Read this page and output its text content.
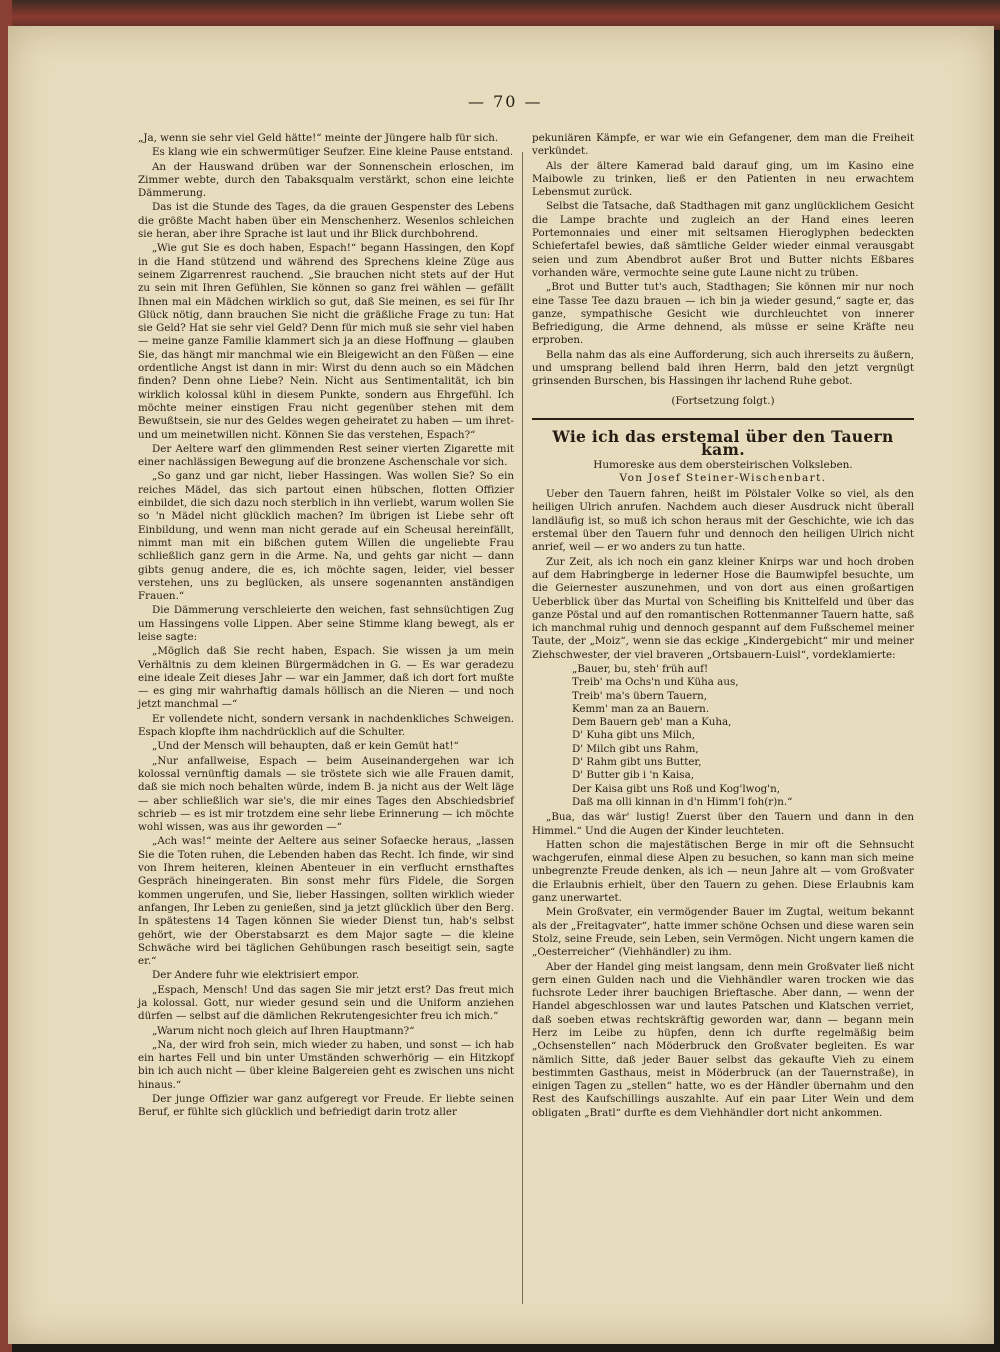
— 70 —

„Ja, wenn sie sehr viel Geld hätte!“ meinte der Jüngere halb für sich.

Es klang wie ein schwermütiger Seufzer. Eine kleine Pause entstand.

An der Hauswand drüben war der Sonnenschein erloschen, im Zimmer webte, durch den Tabaksqualm verstärkt, schon eine leichte Dämmerung.

Das ist die Stunde des Tages, da die grauen Gespenster des Lebens die größte Macht haben über ein Menschenherz. Wesenlos schleichen sie heran, aber ihre Sprache ist laut und ihr Blick durchbohrend.

„Wie gut Sie es doch haben, Espach!“ begann Hassingen, den Kopf in die Hand stützend und während des Sprechens kleine Züge aus seinem Zigarrenrest rauchend. „Sie brauchen nicht stets auf der Hut zu sein mit Ihren Gefühlen, Sie können so ganz frei wählen — gefällt Ihnen mal ein Mädchen wirklich so gut, daß Sie meinen, es sei für Ihr Glück nötig, dann brauchen Sie nicht die gräßliche Frage zu tun: Hat sie Geld? Hat sie sehr viel Geld? Denn für mich muß sie sehr viel haben — meine ganze Familie klammert sich ja an diese Hoffnung — glauben Sie, das hängt mir manchmal wie ein Bleigewicht an den Füßen — eine ordentliche Angst ist dann in mir: Wirst du denn auch so ein Mädchen finden? Denn ohne Liebe? Nein. Nicht aus Sentimentalität, ich bin wirklich kolossal kühl in diesem Punkte, sondern aus Ehrgefühl. Ich möchte meiner einstigen Frau nicht gegenüber stehen mit dem Bewußtsein, sie nur des Geldes wegen geheiratet zu haben — um ihret- und um meinetwillen nicht. Können Sie das verstehen, Espach?“

Der Aeltere warf den glimmenden Rest seiner vierten Zigarette mit einer nachlässigen Bewegung auf die bronzene Aschenschale vor sich.

„So ganz und gar nicht, lieber Hassingen. Was wollen Sie? So ein reiches Mädel, das sich partout einen hübschen, flotten Offizier einbildet, die sich dazu noch sterblich in ihn verliebt, warum wollen Sie so 'n Mädel nicht glücklich machen? Im übrigen ist Liebe sehr oft Einbildung, und wenn man nicht gerade auf ein Scheusal hereinfällt, nimmt man mit ein bißchen gutem Willen die ungeliebte Frau schließlich ganz gern in die Arme. Na, und gehts gar nicht — dann gibts genug andere, die es, ich möchte sagen, leider, viel besser verstehen, uns zu beglücken, als unsere sogenannten anständigen Frauen.“

Die Dämmerung verschleierte den weichen, fast sehnsüchtigen Zug um Hassingens volle Lippen. Aber seine Stimme klang bewegt, als er leise sagte:

„Möglich daß Sie recht haben, Espach. Sie wissen ja um mein Verhältnis zu dem kleinen Bürgermädchen in G. — Es war geradezu eine ideale Zeit dieses Jahr — war ein Jammer, daß ich dort fort mußte — es ging mir wahrhaftig damals höllisch an die Nieren — und noch jetzt manchmal —“

Er vollendete nicht, sondern versank in nachdenkliches Schweigen. Espach klopfte ihm nachdrücklich auf die Schulter.

„Und der Mensch will behaupten, daß er kein Gemüt hat!“

„Nur anfallweise, Espach — beim Auseinandergehen war ich kolossal vernünftig damals — sie tröstete sich wie alle Frauen damit, daß sie mich noch behalten würde, indem B. ja nicht aus der Welt läge — aber schließlich war sie's, die mir eines Tages den Abschiedsbrief schrieb — es ist mir trotzdem eine sehr liebe Erinnerung — ich möchte wohl wissen, was aus ihr geworden —“

„Ach was!“ meinte der Aeltere aus seiner Sofaecke heraus, „lassen Sie die Toten ruhen, die Lebenden haben das Recht. Ich finde, wir sind von Ihrem heiteren, kleinen Abenteuer in ein verflucht ernsthaftes Gespräch hineingeraten. Bin sonst mehr fürs Fidele, die Sorgen kommen ungerufen, und Sie, lieber Hassingen, sollten wirklich wieder anfangen, Ihr Leben zu genießen, sind ja jetzt glücklich über den Berg. In spätestens 14 Tagen können Sie wieder Dienst tun, hab's selbst gehört, wie der Oberstabsarzt es dem Major sagte — die kleine Schwäche wird bei täglichen Gehübungen rasch beseitigt sein, sagte er.“

Der Andere fuhr wie elektrisiert empor.

„Espach, Mensch! Und das sagen Sie mir jetzt erst? Das freut mich ja kolossal. Gott, nur wieder gesund sein und die Uniform anziehen dürfen — selbst auf die dämlichen Rekrutengesichter freu ich mich.“

„Warum nicht noch gleich auf Ihren Hauptmann?“

„Na, der wird froh sein, mich wieder zu haben, und sonst — ich hab ein hartes Fell und bin unter Umständen schwerhörig — ein Hitzkopf bin ich auch nicht — über kleine Balgereien geht es zwischen uns nicht hinaus.“

Der junge Offizier war ganz aufgeregt vor Freude. Er liebte seinen Beruf, er fühlte sich glücklich und befriedigt darin trotz aller

pekuniären Kämpfe, er war wie ein Gefangener, dem man die Freiheit verkündet.

Als der ältere Kamerad bald darauf ging, um im Kasino eine Maibowle zu trinken, ließ er den Patienten in neu erwachtem Lebensmut zurück.

Selbst die Tatsache, daß Stadthagen mit ganz unglücklichem Gesicht die Lampe brachte und zugleich an der Hand eines leeren Portemonnaies und einer mit seltsamen Hieroglyphen bedeckten Schiefertafel bewies, daß sämtliche Gelder wieder einmal verausgabt seien und zum Abendbrot außer Brot und Butter nichts Eßbares vorhanden wäre, vermochte seine gute Laune nicht zu trüben.

„Brot und Butter tut's auch, Stadthagen; Sie können mir nur noch eine Tasse Tee dazu brauen — ich bin ja wieder gesund,“ sagte er, das ganze, sympathische Gesicht wie durchleuchtet von innerer Befriedigung, die Arme dehnend, als müsse er seine Kräfte neu erproben.

Bella nahm das als eine Aufforderung, sich auch ihrerseits zu äußern, und umsprang bellend bald ihren Herrn, bald den jetzt vergnügt grinsenden Burschen, bis Hassingen ihr lachend Ruhe gebot.

(Fortsetzung folgt.)
Wie ich das erstemal über den Tauern kam.
Humoreske aus dem obersteirischen Volksleben.
Von Josef Steiner-Wischenbart.

Ueber den Tauern fahren, heißt im Pölstaler Volke so viel, als den heiligen Ulrich anrufen. Nachdem auch dieser Ausdruck nicht überall landläufig ist, so muß ich schon heraus mit der Geschichte, wie ich das erstemal über den Tauern fuhr und dennoch den heiligen Ulrich nicht anrief, weil — er wo anders zu tun hatte.

Zur Zeit, als ich noch ein ganz kleiner Knirps war und hoch droben auf dem Habringberge in lederner Hose die Baumwipfel besuchte, um die Geiernester auszunehmen, und von dort aus einen großartigen Ueberblick über das Murtal von Scheifling bis Knittelfeld und über das ganze Pöstal und auf den romantischen Rottenmanner Tauern hatte, saß ich manchmal ruhig und dennoch gespannt auf dem Fußschemel meiner Taute, der „Moiz“, wenn sie das eckige „Kindergebicht“ mir und meiner Ziehschwester, der viel braveren „Ortsbauern-Luisl“, vordeklamierte:

„Bauer, bu, steh' früh auf!
Treib' ma Ochs'n und Küha aus,
Treib' ma's übern Tauern,
Kemm' man za an Bauern.
Dem Bauern geb' man a Kuha,
D' Kuha gibt uns Milch,
D' Milch gibt uns Rahm,
D' Rahm gibt uns Butter,
D' Butter gib i 'n Kaisa,
Der Kaisa gibt uns Roß und Kog'lwog'n,
Daß ma olli kinnan in d'n Himm'l foh(r)n.“

„Bua, das wär' lustig! Zuerst über den Tauern und dann in den Himmel.“ Und die Augen der Kinder leuchteten.

Hatten schon die majestätischen Berge in mir oft die Sehnsucht wachgerufen, einmal diese Alpen zu besuchen, so kann man sich meine unbegrenzte Freude denken, als ich — neun Jahre alt — vom Großvater die Erlaubnis erhielt, über den Tauern zu gehen. Diese Erlaubnis kam ganz unerwartet.

Mein Großvater, ein vermögender Bauer im Zugtal, weitum bekannt als der „Freitagvater“, hatte immer schöne Ochsen und diese waren sein Stolz, seine Freude, sein Leben, sein Vermögen. Nicht ungern kamen die „Oesterreicher“ (Viehhändler) zu ihm.

Aber der Handel ging meist langsam, denn mein Großvater ließ nicht gern einen Gulden nach und die Viehhändler waren trocken wie das fuchsrote Leder ihrer bauchigen Brieftasche. Aber dann, — wenn der Handel abgeschlossen war und lautes Patschen und Klatschen verriet, daß soeben etwas rechtskräftig geworden war, dann — begann mein Herz im Leibe zu hüpfen, denn ich durfte regelmäßig beim „Ochsenstellen“ nach Möderbruck den Großvater begleiten. Es war nämlich Sitte, daß jeder Bauer selbst das gekaufte Vieh zu einem bestimmten Gasthaus, meist in Möderbruck (an der Tauernstraße), in einigen Tagen zu „stellen“ hatte, wo es der Händler übernahm und den Rest des Kaufschillings auszahlte. Auf ein paar Liter Wein und dem obligaten „Bratl“ durfte es dem Viehhändler dort nicht ankommen.
